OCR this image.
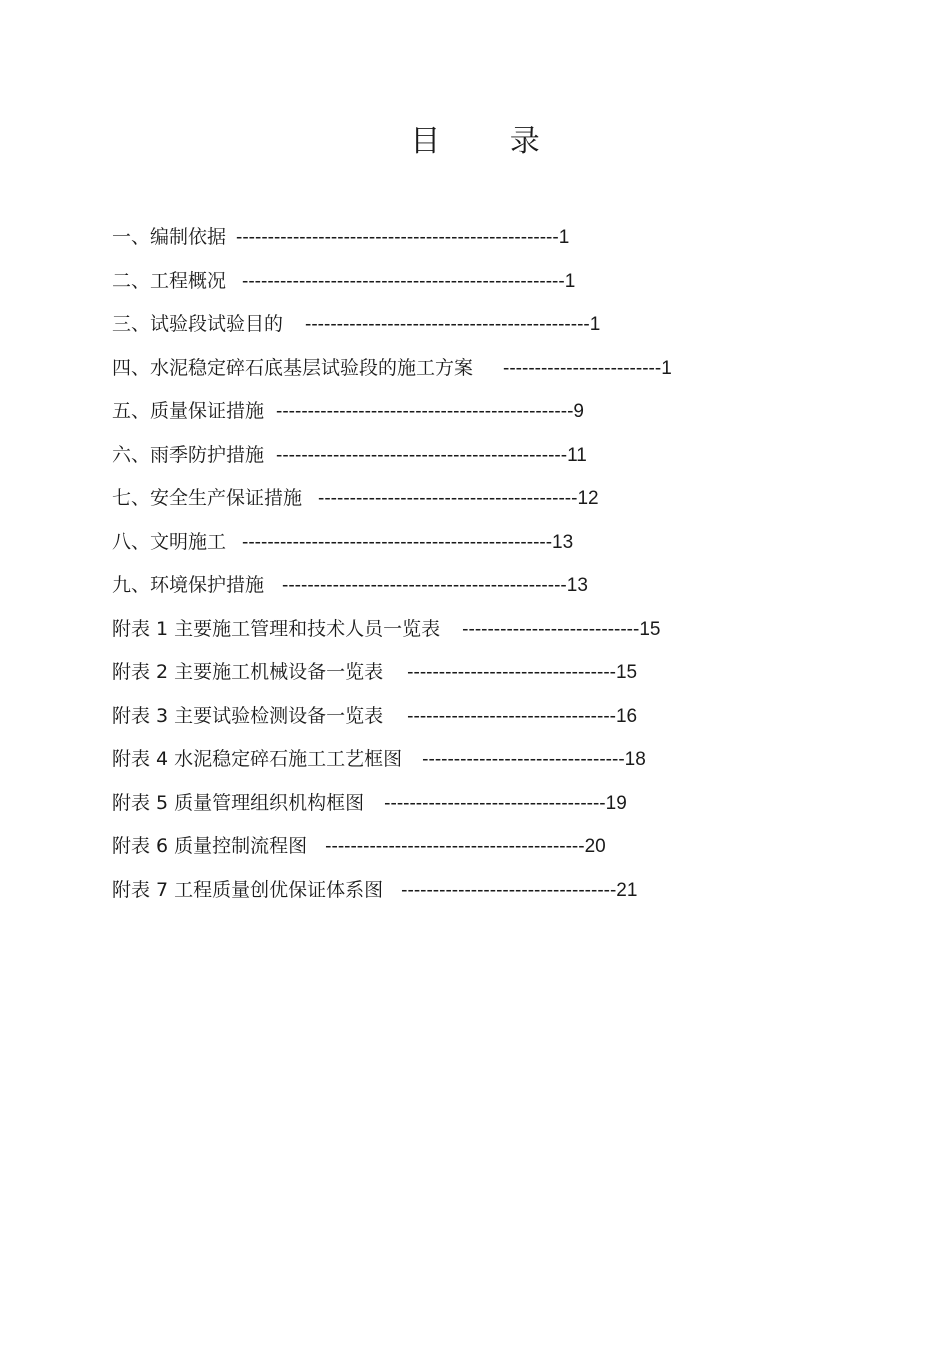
目 录
一、编制依据 ---------------------------------------------------1
二、工程概况 ---------------------------------------------------1
三、试验段试验目的 ---------------------------------------------1
四、水泥稳定碎石底基层试验段的施工方案 -------------------------1
五、质量保证措施 -----------------------------------------------9
六、雨季防护措施 ----------------------------------------------11
七、安全生产保证措施 -----------------------------------------12
八、文明施工 -------------------------------------------------13
九、环境保护措施 ---------------------------------------------13
附表 1 主要施工管理和技术人员一览表 ----------------------------15
附表 2 主要施工机械设备一览表 ---------------------------------15
附表 3 主要试验检测设备一览表 ---------------------------------16
附表 4 水泥稳定碎石施工工艺框图 --------------------------------18
附表 5 质量管理组织机构框图 -----------------------------------19
附表 6 质量控制流程图 -----------------------------------------20
附表 7 工程质量创优保证体系图 ----------------------------------21
